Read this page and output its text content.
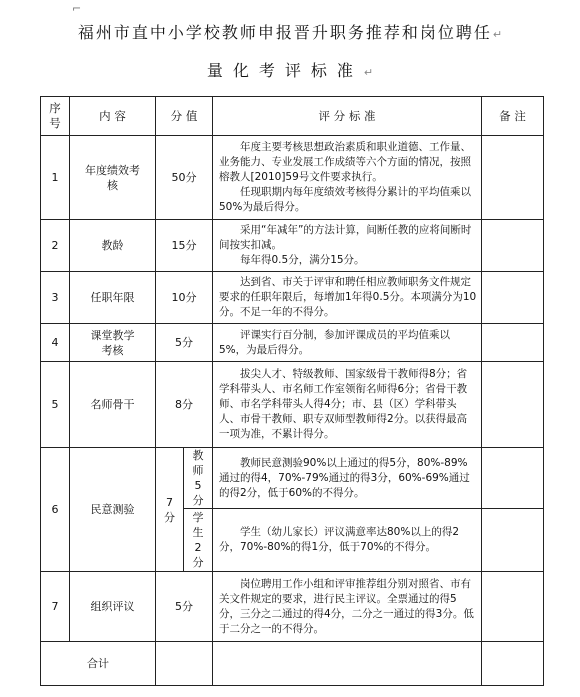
⌐
福州市直中小学校教师申报晋升职务推荐和岗位聘任↵
量化考评标准↵
序号	内 容	分 值		评 分 标 准	备 注
1	年度绩效考核	50分		年度主要考核思想政治素质和职业道德、工作量、业务能力、专业发展工作成绩等六个方面的情况，按照榕教人[2010]59号文件要求执行。

任现职期内每年度绩效考核得分累计的平均值乘以50%为最后得分。	

2	教龄	15分		采用“年减年”的方法计算，间断任教的应将间断时间按实扣减。

每年得0.5分，满分15分。	

3	任职年限	10分		达到省、市关于评审和聘任相应教师职务文件规定要求的任职年限后，每增加1年得0.5分。本项满分为10分。不足一年的不得分。	

4	课堂教学考核	5分		评课实行百分制，参加评课成员的平均值乘以5%，为最后得分。	

5	名师骨干	8分		拔尖人才、特级教师、国家级骨干教师得8分；省学科带头人、市名师工作室领衔名师得6分；省骨干教师、市名学科带头人得4分；市、县（区）学科带头人、市骨干教师、职专双师型教师得2分。以获得最高一项为准，不累计得分。	

6	民意测验	7分	教师5分	教师民意测验90%以上通过的得5分，80%-89%通过的得4，70%-79%通过的得3分，60%-69%通过的得2分，低于60%的不得分。	

			学生2分	学生（幼儿家长）评议满意率达80%以上的得2分，70%-80%的得1分，低于70%的不得分。	

7	组织评议	5分		岗位聘用工作小组和评审推荐组分别对照省、市有关文件规定的要求，进行民主评议。全票通过的得5分，三分之二通过的得4分，二分之一通过的得3分。低于二分之一的不得分。	

合计					
